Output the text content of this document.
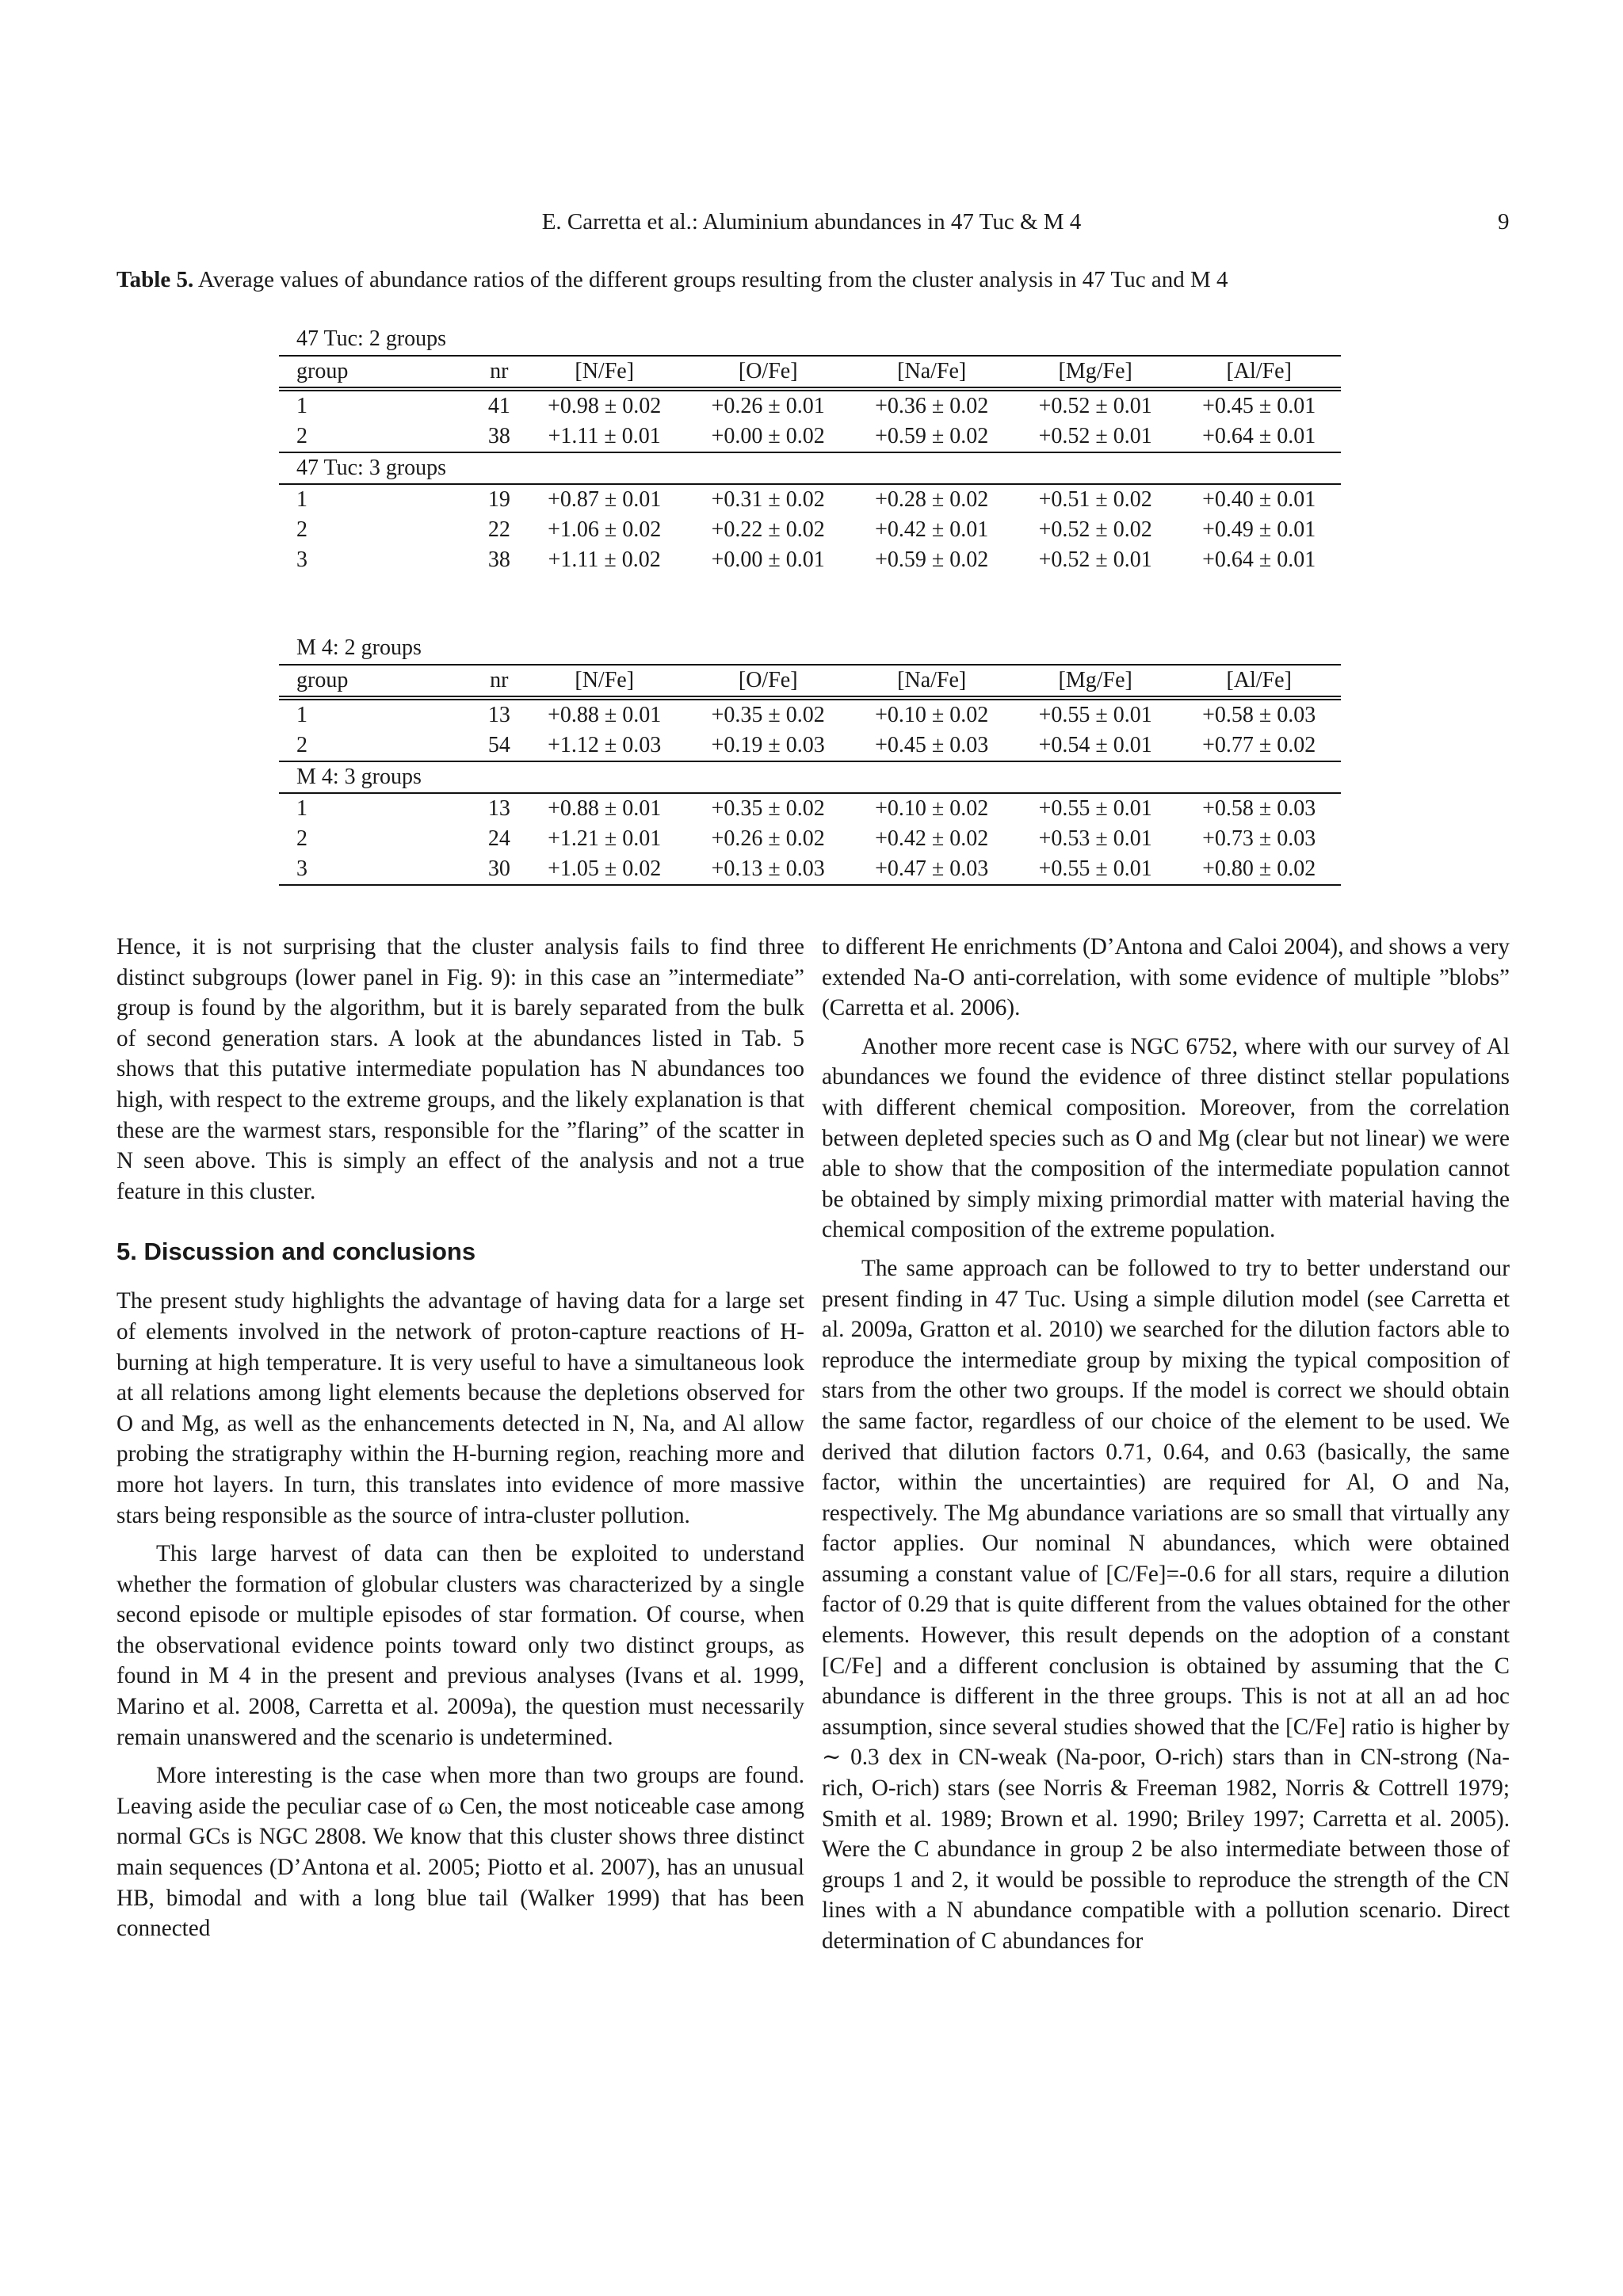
E. Carretta et al.: Aluminium abundances in 47 Tuc & M 4	9
Table 5. Average values of abundance ratios of the different groups resulting from the cluster analysis in 47 Tuc and M 4
47 Tuc: 2 groups
group	nr	[N/Fe]	[O/Fe]	[Na/Fe]	[Mg/Fe]	[Al/Fe]
1	41	+0.98 ± 0.02	+0.26 ± 0.01	+0.36 ± 0.02	+0.52 ± 0.01	+0.45 ± 0.01
2	38	+1.11 ± 0.01	+0.00 ± 0.02	+0.59 ± 0.02	+0.52 ± 0.01	+0.64 ± 0.01
47 Tuc: 3 groups						
1	19	+0.87 ± 0.01	+0.31 ± 0.02	+0.28 ± 0.02	+0.51 ± 0.02	+0.40 ± 0.01
2	22	+1.06 ± 0.02	+0.22 ± 0.02	+0.42 ± 0.01	+0.52 ± 0.02	+0.49 ± 0.01
3	38	+1.11 ± 0.02	+0.00 ± 0.01	+0.59 ± 0.02	+0.52 ± 0.01	+0.64 ± 0.01
M 4: 2 groups
group	nr	[N/Fe]	[O/Fe]	[Na/Fe]	[Mg/Fe]	[Al/Fe]
1	13	+0.88 ± 0.01	+0.35 ± 0.02	+0.10 ± 0.02	+0.55 ± 0.01	+0.58 ± 0.03
2	54	+1.12 ± 0.03	+0.19 ± 0.03	+0.45 ± 0.03	+0.54 ± 0.01	+0.77 ± 0.02
M 4: 3 groups						
1	13	+0.88 ± 0.01	+0.35 ± 0.02	+0.10 ± 0.02	+0.55 ± 0.01	+0.58 ± 0.03
2	24	+1.21 ± 0.01	+0.26 ± 0.02	+0.42 ± 0.02	+0.53 ± 0.01	+0.73 ± 0.03
3	30	+1.05 ± 0.02	+0.13 ± 0.03	+0.47 ± 0.03	+0.55 ± 0.01	+0.80 ± 0.02

Hence, it is not surprising that the cluster analysis fails to find three distinct subgroups (lower panel in Fig. 9): in this case an ”intermediate” group is found by the algorithm, but it is barely separated from the bulk of second generation stars. A look at the abundances listed in Tab. 5 shows that this putative intermediate population has N abundances too high, with respect to the extreme groups, and the likely explanation is that these are the warmest stars, responsible for the ”flaring” of the scatter in N seen above. This is simply an effect of the analysis and not a true feature in this cluster.

5. Discussion and conclusions

The present study highlights the advantage of having data for a large set of elements involved in the network of proton-capture reactions of H-burning at high temperature. It is very useful to have a simultaneous look at all relations among light elements because the depletions observed for O and Mg, as well as the enhancements detected in N, Na, and Al allow probing the stratigraphy within the H-burning region, reaching more and more hot layers. In turn, this translates into evidence of more massive stars being responsible as the source of intra-cluster pollution.

This large harvest of data can then be exploited to understand whether the formation of globular clusters was characterized by a single second episode or multiple episodes of star formation. Of course, when the observational evidence points toward only two distinct groups, as found in M 4 in the present and previous analyses (Ivans et al. 1999, Marino et al. 2008, Carretta et al. 2009a), the question must necessarily remain unanswered and the scenario is undetermined.

More interesting is the case when more than two groups are found. Leaving aside the peculiar case of ω Cen, the most noticeable case among normal GCs is NGC 2808. We know that this cluster shows three distinct main sequences (D’Antona et al. 2005; Piotto et al. 2007), has an unusual HB, bimodal and with a long blue tail (Walker 1999) that has been connected

to different He enrichments (D’Antona and Caloi 2004), and shows a very extended Na-O anti-correlation, with some evidence of multiple ”blobs” (Carretta et al. 2006).

Another more recent case is NGC 6752, where with our survey of Al abundances we found the evidence of three distinct stellar populations with different chemical composition. Moreover, from the correlation between depleted species such as O and Mg (clear but not linear) we were able to show that the composition of the intermediate population cannot be obtained by simply mixing primordial matter with material having the chemical composition of the extreme population.

The same approach can be followed to try to better understand our present finding in 47 Tuc. Using a simple dilution model (see Carretta et al. 2009a, Gratton et al. 2010) we searched for the dilution factors able to reproduce the intermediate group by mixing the typical composition of stars from the other two groups. If the model is correct we should obtain the same factor, regardless of our choice of the element to be used. We derived that dilution factors 0.71, 0.64, and 0.63 (basically, the same factor, within the uncertainties) are required for Al, O and Na, respectively. The Mg abundance variations are so small that virtually any factor applies. Our nominal N abundances, which were obtained assuming a constant value of [C/Fe]=-0.6 for all stars, require a dilution factor of 0.29 that is quite different from the values obtained for the other elements. However, this result depends on the adoption of a constant [C/Fe] and a different conclusion is obtained by assuming that the C abundance is different in the three groups. This is not at all an ad hoc assumption, since several studies showed that the [C/Fe] ratio is higher by ∼ 0.3 dex in CN-weak (Na-poor, O-rich) stars than in CN-strong (Na-rich, O-rich) stars (see Norris & Freeman 1982, Norris & Cottrell 1979; Smith et al. 1989; Brown et al. 1990; Briley 1997; Carretta et al. 2005). Were the C abundance in group 2 be also intermediate between those of groups 1 and 2, it would be possible to reproduce the strength of the CN lines with a N abundance compatible with a pollution scenario. Direct determination of C abundances for
